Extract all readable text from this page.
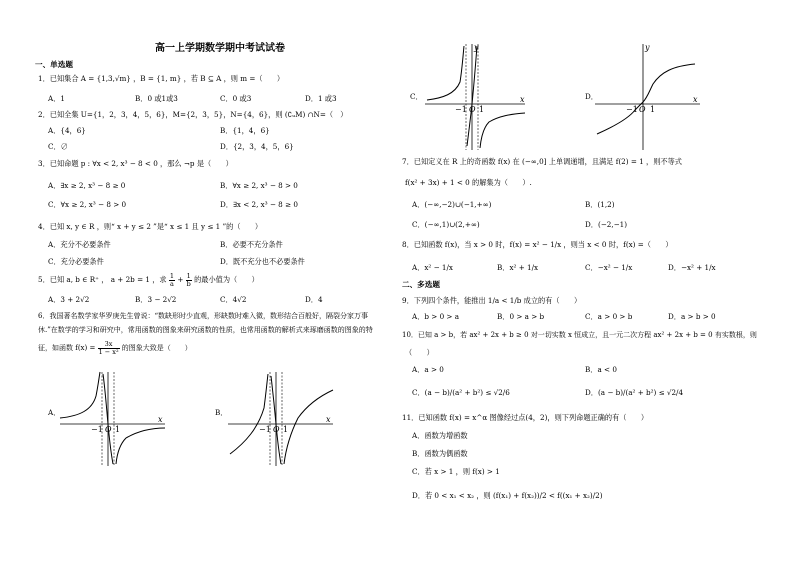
高一上学期数学期中考试试卷
一、单选题
1．已知集合 A = {1,3,√m} ，B = {1, m} ，若 B ⊆ A ，则 m =（　　）
A．1	B．0 或1或3	C．0 或3	D．1 或3
2．已知全集 U={1，2，3，4，5，6}，M={2，3，5}，N={4，6}，则 (∁ᵤM) ∩N=（　）
A．{4，6}	B．{1，4，6}
C．∅	D．{2，3，4，5，6}
3．已知命题 p : ∀x < 2, x³ − 8 < 0 ，那么 ¬p 是（　　）
A．∃x ≥ 2, x³ − 8 ≥ 0	B．∀x ≥ 2, x³ − 8 > 0
C．∀x ≥ 2, x³ − 8 > 0	D．∃x < 2, x³ − 8 ≥ 0
4．已知 x, y ∈ R ，则“ x + y ≤ 2 ”是“ x ≤ 1 且 y ≤ 1 ”的（　　）
A．充分不必要条件	B．必要不充分条件
C．充分必要条件	D．既不充分也不必要条件
5．已知 a, b ∈ R⁺ ， a + 2b = 1 ，求 $\frac{1}{a} + \frac{1}{b}$ 的最小值为（　　）
A．3 + 2√2	B．3 − 2√2	C．4√2	D．4
6．我国著名数学家华罗庚先生曾说：“数缺形时少直观，形缺数时难入微，数形结合百般好，隔裂分家万事
休.”在数学的学习和研究中，常用函数的图象来研究函数的性质，也常用函数的解析式来琢磨函数的图象的特
征，如函数 $f(x) = \frac{3x}{\text{1 − x²}}$ 的图象大致是（　　）
A．
−1 O 1
x
B．
−1 O 1
x
C．
y
−1 O 1
x	D．
y
−1 O 1
x
7．已知定义在 R 上的奇函数 f(x) 在 (−∞,0] 上单调递增，且满足 f(2) = 1 ，则不等式
f(x² + 3x) + 1 < 0 的解集为（　　）.
A．(−∞,−2)∪(−1,+∞)	B．(1,2)
C．(−∞,1)∪(2,+∞)	D．(−2,−1)
8．已知函数 f(x)，当 x > 0 时，f(x) = x² − 1/x ，则当 x < 0 时，f(x) =（　　）
A．x² − 1/x	B．x² + 1/x	C．−x² − 1/x	D．−x² + 1/x
二、多选题
9．下列四个条件，能推出 1/a < 1/b 成立的有（　　）
A．b > 0 > a	B．0 > a > b	C．a > 0 > b	D．a > b > 0
10．已知 a > b，若 ax² + 2x + b ≥ 0 对一切实数 x 恒成立，且一元二次方程 ax² + 2x + b = 0 有实数根，则
（　　）
A．a > 0	B．a < 0
C．(a − b)/(a² + b²) ≤ √2/6	D．(a − b)/(a² + b²) ≤ √2/4
11．已知函数 f(x) = x^α 图像经过点(4，2)，则下列命题正确的有（　　）
A．函数为增函数
B．函数为偶函数
C．若 x > 1 ，则 f(x) > 1
D．若 0 < x₁ < x₂ ，则 (f(x₁) + f(x₂))/2 < f((x₁ + x₂)/2)
